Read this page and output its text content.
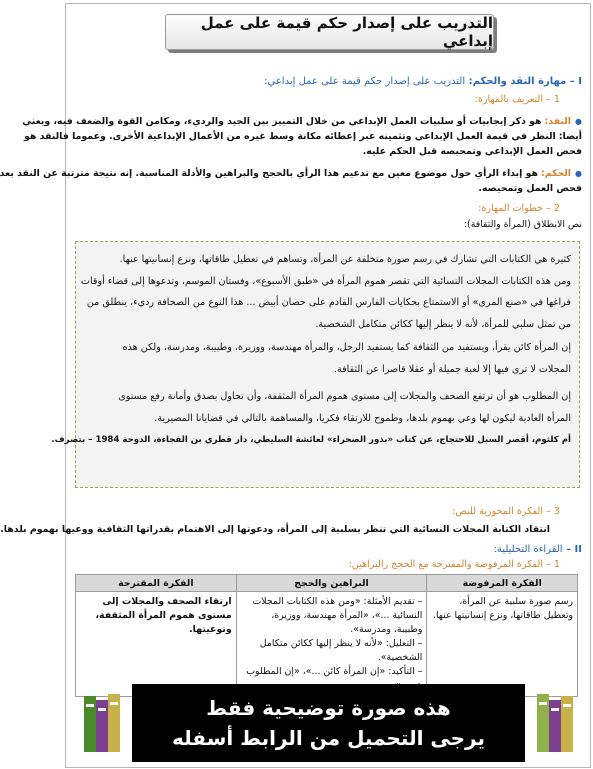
التدريب على إصدار حكم قيمة على عمل إبداعي
I – مهارة النقد والحكم: التدريب على إصدار حكم قيمة على عمل إبداعي:
1 – التعريف بالمهارة:
●النقد: هو ذكر إيجابيات أو سلبيات العمل الإبداعي من خلال التمييز بين الجيد والرديء، ومكامن القوة والضعف فيه، ويعني
أيضا: النظر في قيمة العمل الإبداعي وتثمينه عبر إعطائه مكانة وسط غيره من الأعمال الإبداعية الأخرى. وعموما فالنقد هو
فحص العمل الإبداعي وتمحيصه قبل الحكم عليه.
●الحكم: هو إبداء الرأي حول موضوع معين مع تدعيم هذا الرأي بالحجج والبراهين والأدلة المناسبة. إنه نتيجة مترتبة عن النقد بعد
فحص العمل وتمحيصه.
2 – خطوات المهارة:
نص الانطلاق (المرأة والثقافة):
كثيرة هي الكتابات التي تشارك في رسم صورة متخلفة عن المرأة، وتساهم في تعطيل طاقاتها، ونزع إنسانيتها عنها.
ومن هذه الكتابات المجلات النسائية التي تقصر هموم المرأة في «طبق الأسبوع»، وفستان الموسم، وتدعوها إلى قضاء أوقات
فراغها في «صنع المرى» أو الاستمتاع بحكايات الفارس القادم على حصان أبيض ... هذا النوع من الصحافة رديء، ينطلق من
من تمثل سلبي للمرأة، لأنه لا ينظر إليها ككائن متكامل الشخصية.
إن المرأة كائن يقرأ، ويستفيد من الثقافة كما يستفيد الرجل، والمرأة مهندسة، ووزيرة، وطبيبة، ومدرسة، ولكن هذه
المجلات لا ترى فيها إلا لعبة جميلة أو عقلا قاصرا عن الثقافة.
إن المطلوب هو أن ترتفع الصحف والمجلات إلى مستوى هموم المرأة المثقفة، وأن تحاول بصدق وأمانة رفع مستوى
المرأة العادية ليكون لها وعي بهموم بلدها، وطموح للارتقاء فكريا، والمساهمة بالتالي في قضايانا المصيرية.
أم كلثوم، أقصر السبل للاحتجاج، عن كتاب «بذور الصحراء» لعائشة السليطي، دار قطري بن الفجاءة، الدوحة 1984 – بتصرف.
3 – الفكرة المحورية للنص:
انتقاد الكتابة المجلات النسائية التي تنظر بسلبية إلى المرأة، ودعوتها إلى الاهتمام بقدراتها الثقافية ووعيها بهموم بلدها.
II – القراءة التحليلية:
1 – الفكرة المرفوضة والمقترحة مع الحجج زالبراهين:
الفكرة المرفوضة	البراهين والحجج	الفكرة المقترحة
رسم صورة سلبية عن المرأة، وتعطيل طاقاتها، ونزع إنسانيتها عنها.	– تقديم الأمثلة: «ومن هذه الكتابات المجلات النسائية ...»، «المرأة مهندسة، ووزيرة، وطبيبة، ومدرسة».
– التعليل: «لأنه لا ينظر إليها ككائن متكامل الشخصية».
– التأكيد: «إن المرأة كائن ...»، «إن المطلوب	ارتقاء الصحف والمجلات إلى مستوى هموم المرأة المثقفة، وتوعيتها.
هذه صورة توضيحية فقط
يرجى التحميل من الرابط أسفله
